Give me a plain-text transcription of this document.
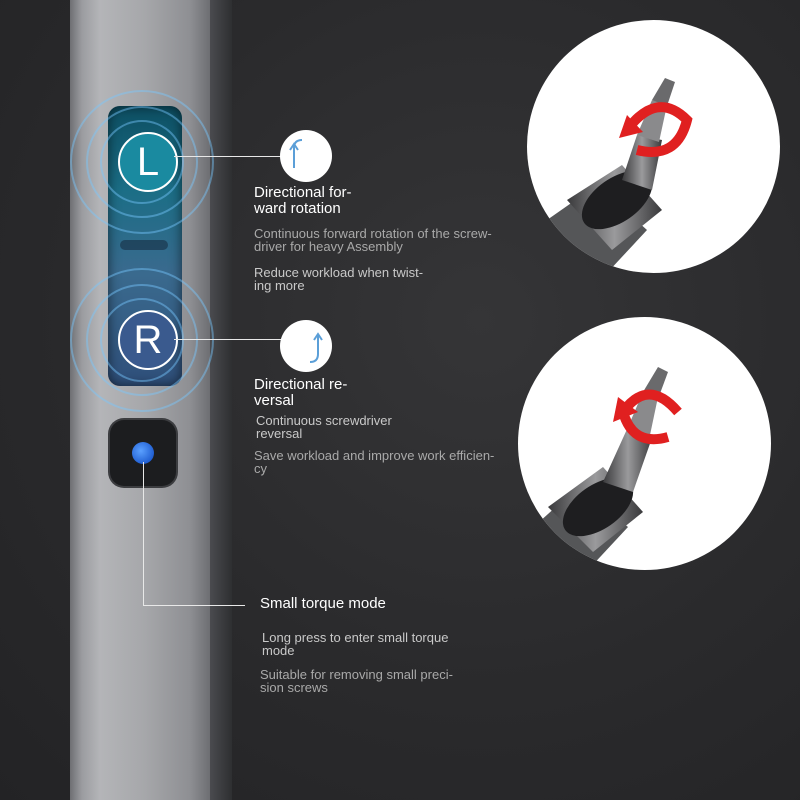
L
R
Directional for-
ward rotation
Continuous forward rotation of the screw-
driver for heavy Assembly
Reduce workload when twist-
ing more
Directional re-
versal
Continuous screwdriver
reversal
Save workload and improve work efficien-
cy
Small torque mode
Long press to enter small torque
mode
Suitable for removing small preci-
sion screws
